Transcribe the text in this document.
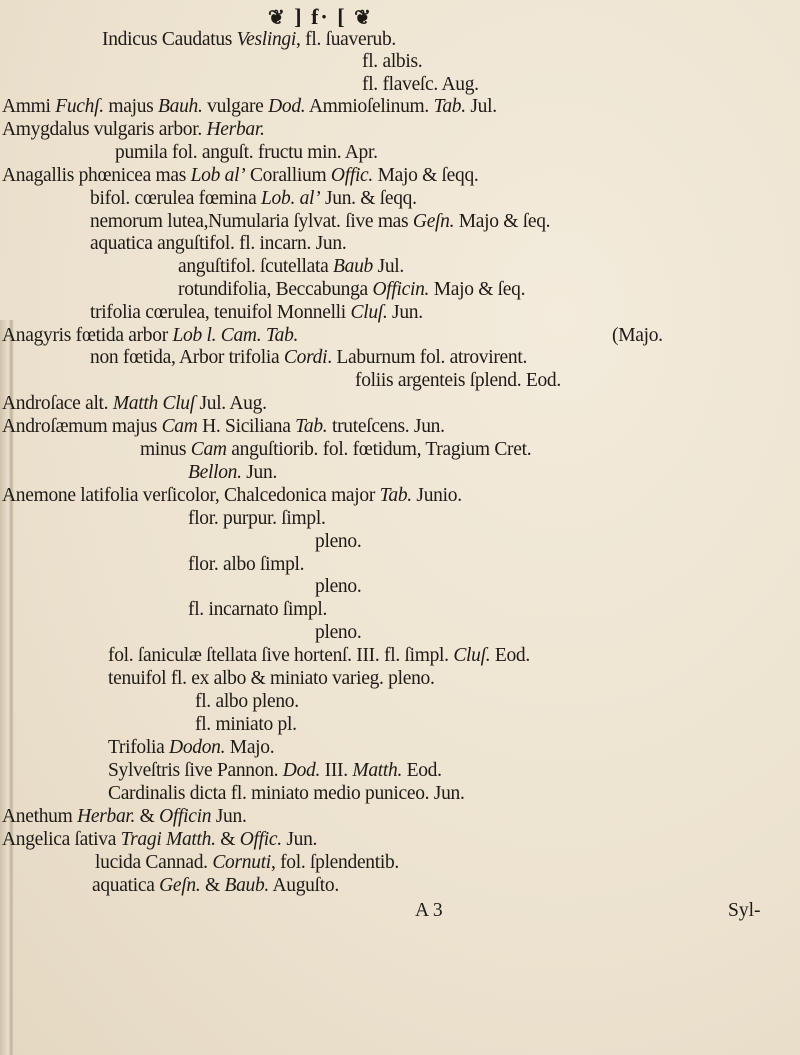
❦ ] f· [ ❦
Indicus Caudatus Veslingi, fl. ſuaverub.
fl. albis.
fl. flaveſc. Aug.
Ammi Fuchſ. majus Bauh. vulgare Dod. Ammioſelinum. Tab. Jul.
Amygdalus vulgaris arbor. Herbar.
pumila fol. anguſt. fructu min. Apr.
Anagallis phœnicea mas Lob al’ Corallium Offic. Majo & ſeqq.
bifol. cœrulea fœmina Lob. al’ Jun. & ſeqq.
nemorum lutea,Numularia ſylvat. ſive mas Geſn. Majo & ſeq.
aquatica anguſtifol. fl. incarn. Jun.
anguſtifol. ſcutellata Baub Jul.
rotundifolia, Beccabunga Officin. Majo & ſeq.
trifolia cœrulea, tenuifol Monnelli Cluſ. Jun.
Anagyris fœtida arbor Lob l. Cam. Tab.	(Majo.
non fœtida, Arbor trifolia Cordi. Laburnum fol. atrovirent.
foliis argenteis ſplend. Eod.
Androſace alt. Matth Cluſ Jul. Aug.
Androſæmum majus Cam H. Siciliana Tab. truteſcens. Jun.
minus Cam anguſtiorib. fol. fœtidum, Tragium Cret.
Bellon. Jun.
Anemone latifolia verſicolor, Chalcedonica major Tab. Junio.
flor. purpur. ſimpl.
pleno.
flor. albo ſimpl.
pleno.
fl. incarnato ſimpl.
pleno.
fol. ſaniculæ ſtellata ſive hortenſ. III. fl. ſimpl. Cluſ. Eod.
tenuifol fl. ex albo & miniato varieg. pleno.
fl. albo pleno.
fl. miniato pl.
Trifolia Dodon. Majo.
Sylveſtris ſive Pannon. Dod. III. Matth. Eod.
Cardinalis dicta fl. miniato medio puniceo. Jun.
Anethum Herbar. & Officin Jun.
Angelica ſativa Tragi Matth. & Offic. Jun.
lucida Cannad. Cornuti, fol. ſplendentib.
aquatica Geſn. & Baub. Auguſto.
A 3	Syl-
